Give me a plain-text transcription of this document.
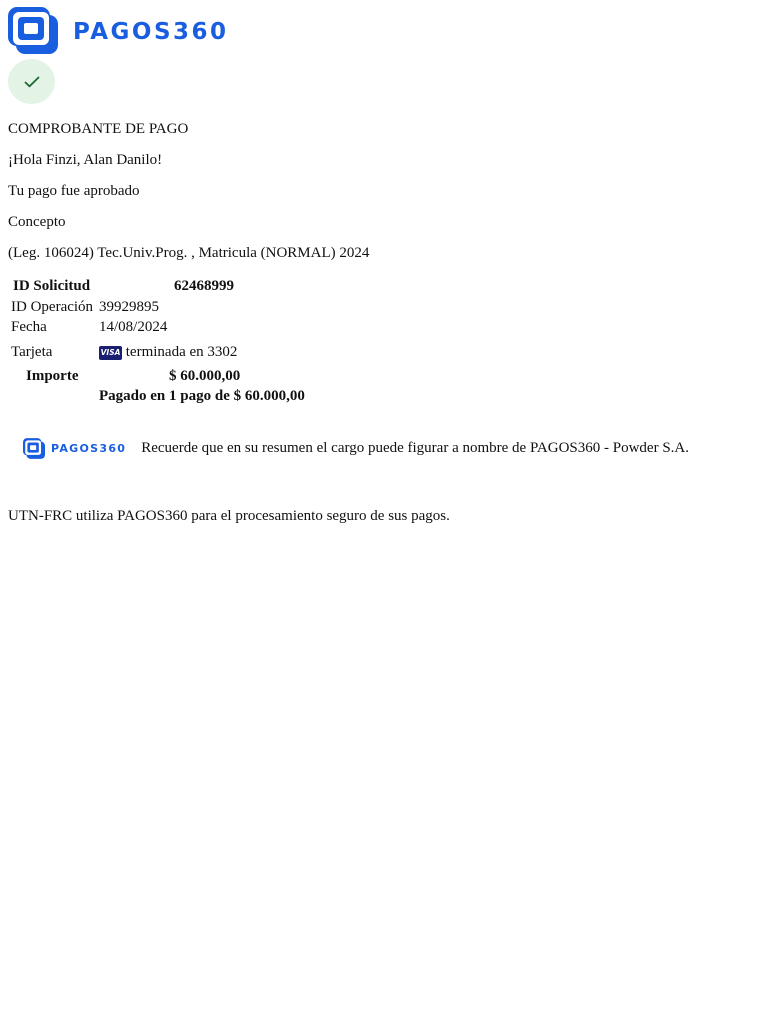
PAGOS360
COMPROBANTE DE PAGO
¡Hola Finzi, Alan Danilo!
Tu pago fue aprobado
Concepto
(Leg. 106024) Tec.Univ.Prog. , Matricula (NORMAL) 2024
ID Solicitud	62468999
ID Operación 39929895
Fecha	14/08/2024
Tarjeta	VISA terminada en 3302
Importe	$ 60.000,00
Pagado en 1 pago de $ 60.000,00
PAGOS360 Recuerde que en su resumen el cargo puede figurar a nombre de PAGOS360 - Powder S.A.
UTN-FRC utiliza PAGOS360 para el procesamiento seguro de sus pagos.
